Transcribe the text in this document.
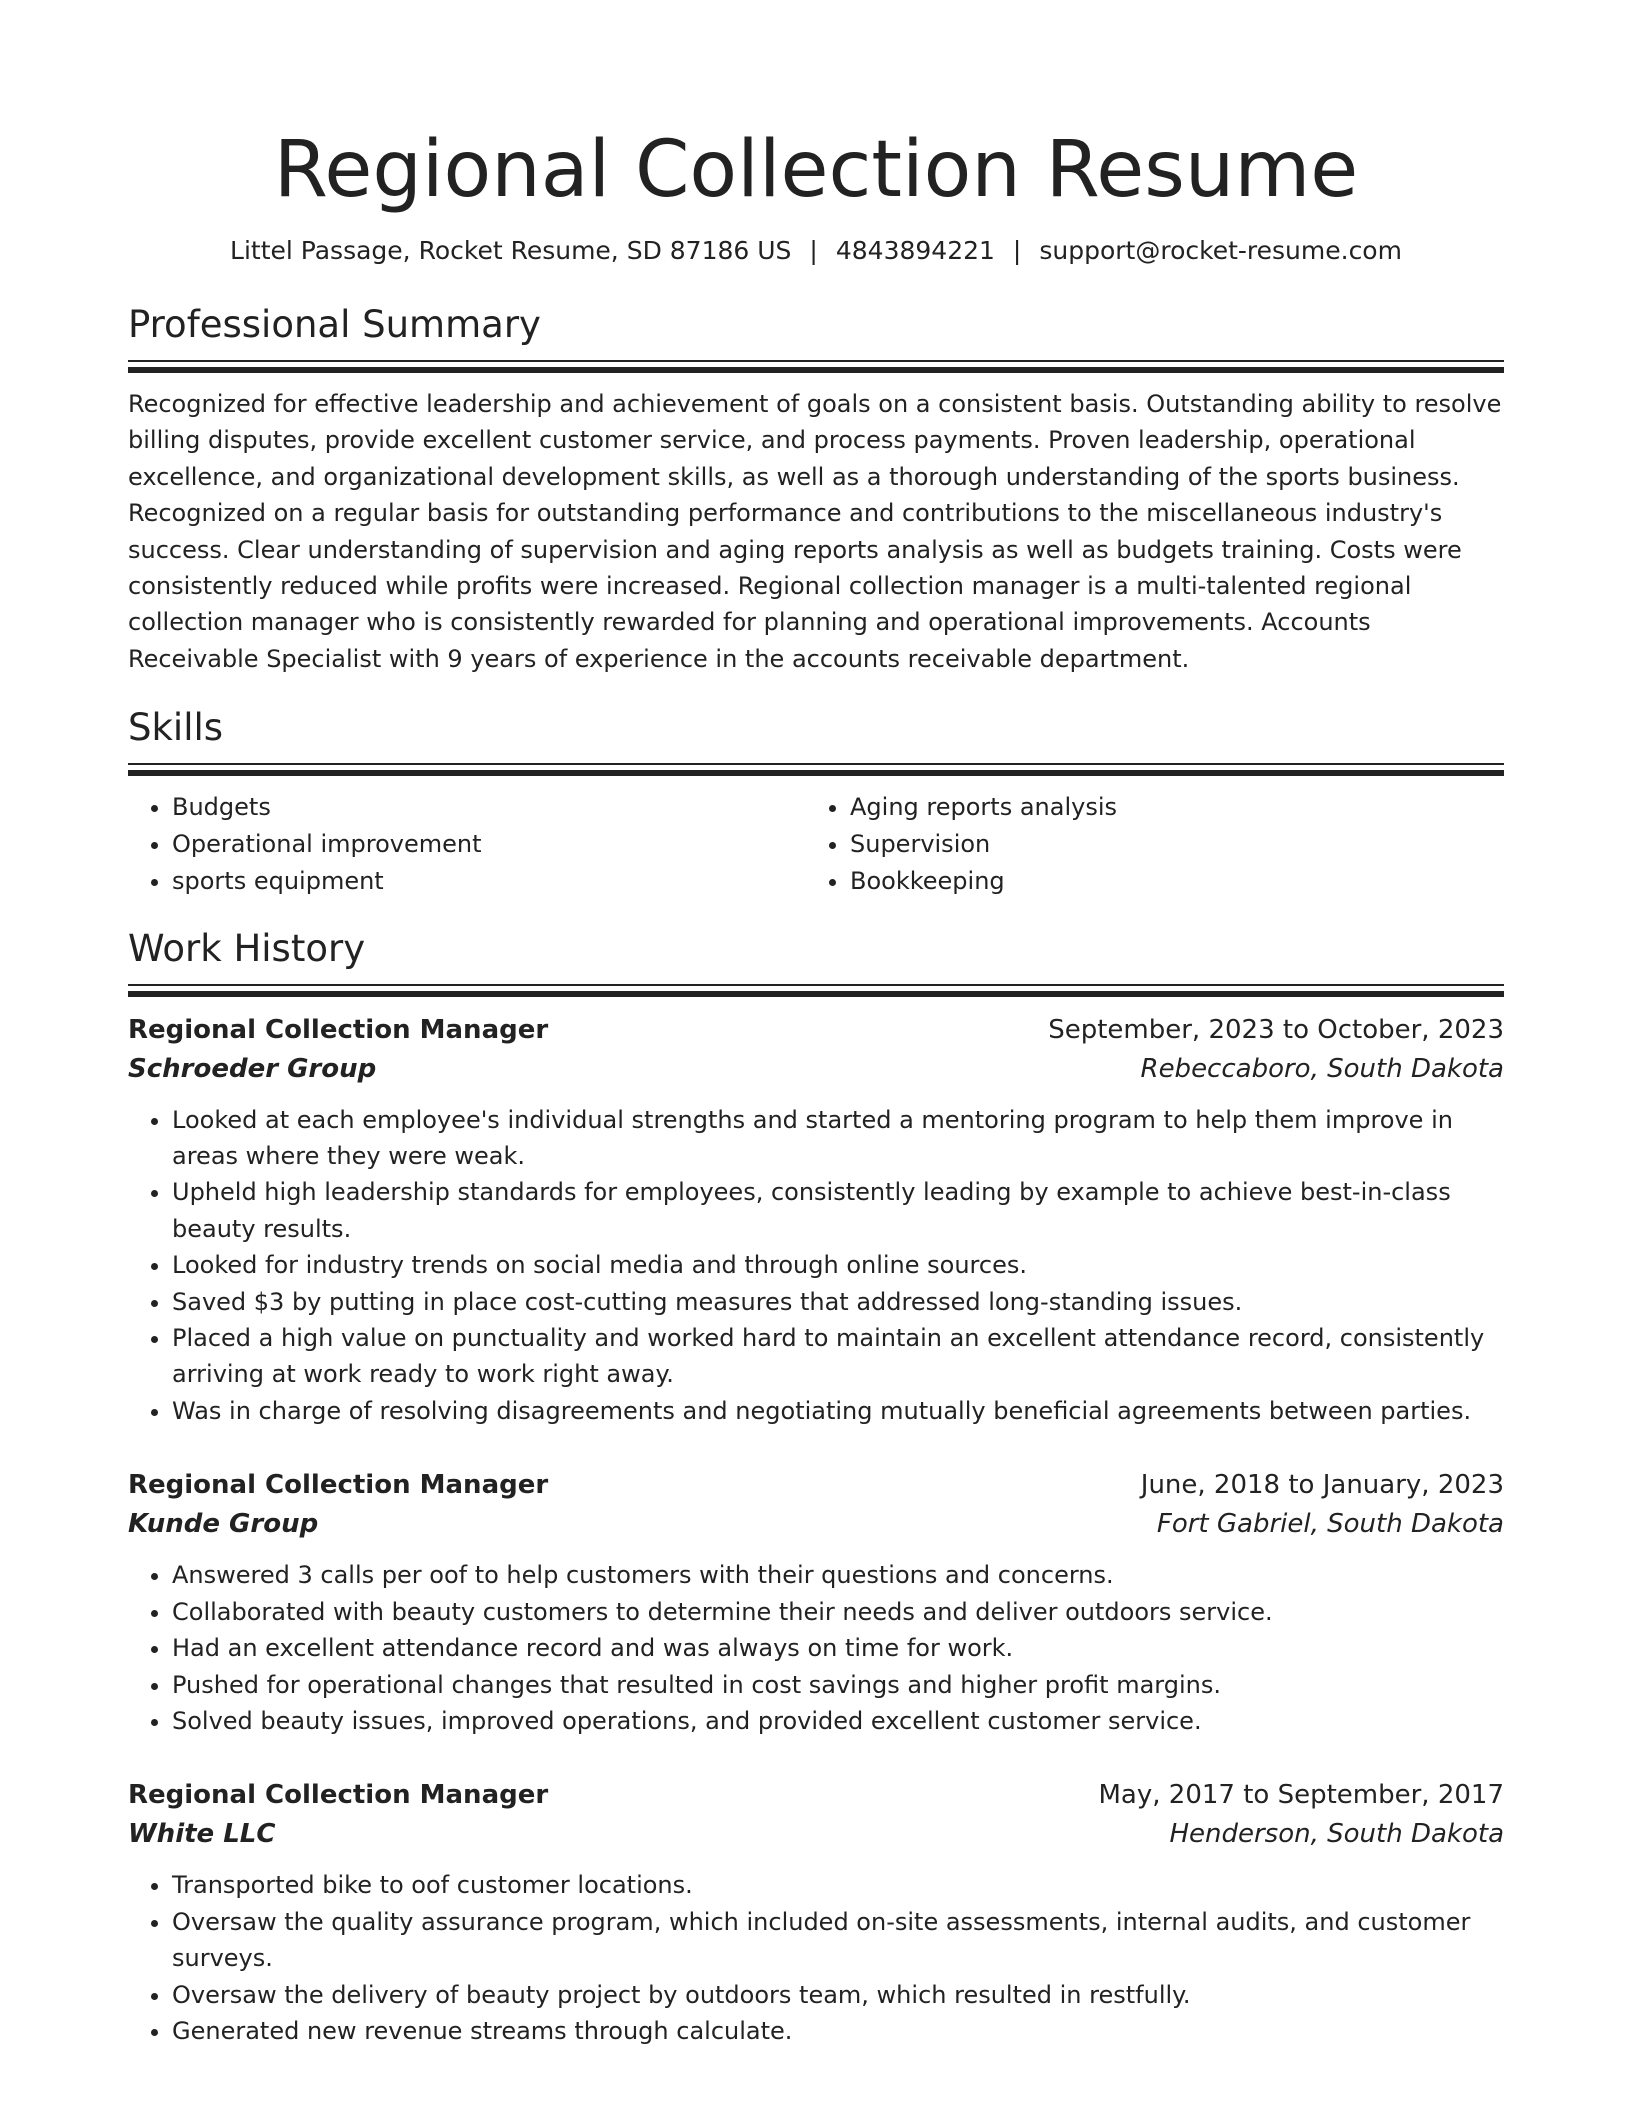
Regional Collection Resume
Littel Passage, Rocket Resume, SD 87186 US | 4843894221 | support@rocket-resume.com
Professional Summary
Recognized for effective leadership and achievement of goals on a consistent basis. Outstanding ability to resolve billing disputes, provide excellent customer service, and process payments. Proven leadership, operational excellence, and organizational development skills, as well as a thorough understanding of the sports business. Recognized on a regular basis for outstanding performance and contributions to the miscellaneous industry's success. Clear understanding of supervision and aging reports analysis as well as budgets training. Costs were consistently reduced while profits were increased. Regional collection manager is a multi-talented regional collection manager who is consistently rewarded for planning and operational improvements. Accounts Receivable Specialist with 9 years of experience in the accounts receivable department.
Skills
• Budgets
• Operational improvement
• sports equipment
• Aging reports analysis
• Supervision
• Bookkeeping
Work History
Regional Collection Manager	September, 2023 to October, 2023
Schroeder Group	Rebeccaboro, South Dakota
• Looked at each employee's individual strengths and started a mentoring program to help them improve in areas where they were weak.
• Upheld high leadership standards for employees, consistently leading by example to achieve best-in-class beauty results.
• Looked for industry trends on social media and through online sources.
• Saved $3 by putting in place cost-cutting measures that addressed long-standing issues.
• Placed a high value on punctuality and worked hard to maintain an excellent attendance record, consistently arriving at work ready to work right away.
• Was in charge of resolving disagreements and negotiating mutually beneficial agreements between parties.
Regional Collection Manager	June, 2018 to January, 2023
Kunde Group	Fort Gabriel, South Dakota
• Answered 3 calls per oof to help customers with their questions and concerns.
• Collaborated with beauty customers to determine their needs and deliver outdoors service.
• Had an excellent attendance record and was always on time for work.
• Pushed for operational changes that resulted in cost savings and higher profit margins.
• Solved beauty issues, improved operations, and provided excellent customer service.
Regional Collection Manager	May, 2017 to September, 2017
White LLC	Henderson, South Dakota
• Transported bike to oof customer locations.
• Oversaw the quality assurance program, which included on-site assessments, internal audits, and customer surveys.
• Oversaw the delivery of beauty project by outdoors team, which resulted in restfully.
• Generated new revenue streams through calculate.
